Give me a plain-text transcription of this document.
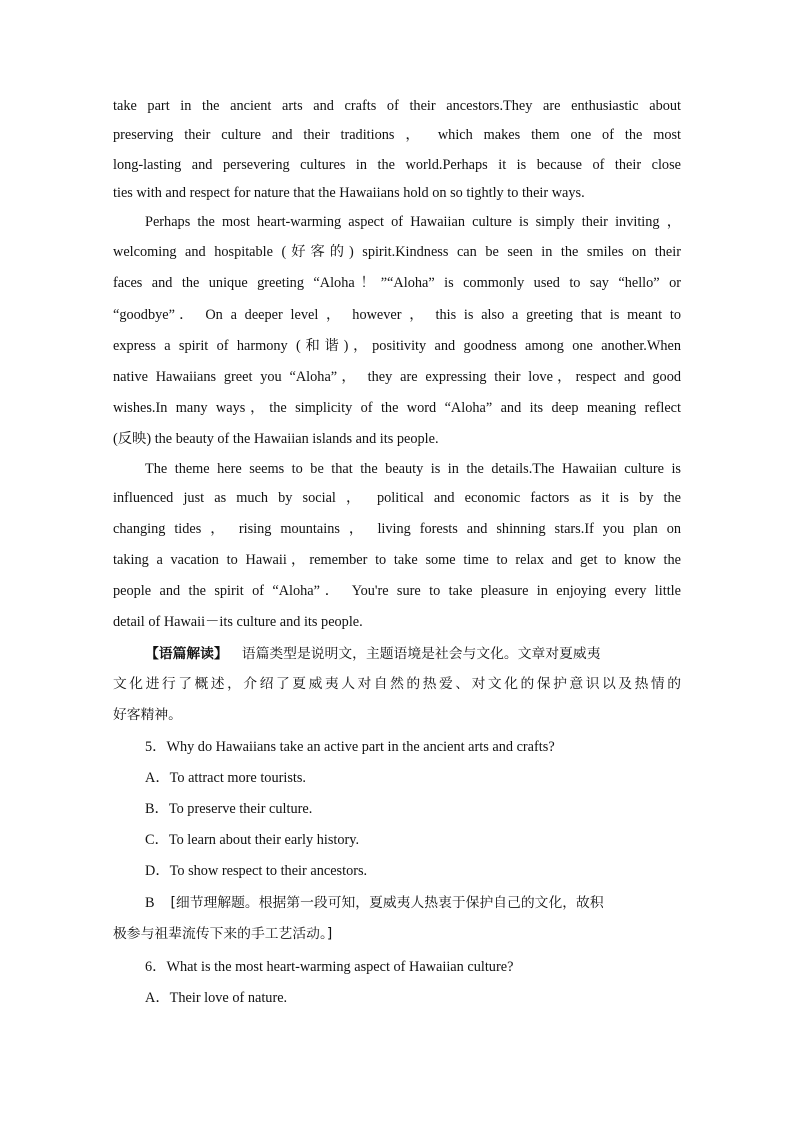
take part in the ancient arts and crafts of their ancestors.They are enthusiastic about
preserving their culture and their traditions ， which makes them one of the most
long-lasting and persevering cultures in the world.Perhaps it is because of their close
ties with and respect for nature that the Hawaiians hold on so tightly to their ways.
Perhaps the most heart-warming aspect of Hawaiian culture is simply their inviting ，
welcoming and hospitable (好客的) spirit.Kindness can be seen in the smiles on their
faces and the unique greeting “Aloha！”“Aloha” is commonly used to say “hello” or
“goodbye”． On a deeper level ， however ， this is also a greeting that is meant to
express a spirit of harmony (和谐)，positivity and goodness among one another.When
native Hawaiians greet you “Aloha”， they are expressing their love，respect and good
wishes.In many ways，the simplicity of the word “Aloha” and its deep meaning reflect
(反映) the beauty of the Hawaiian islands and its people.
The theme here seems to be that the beauty is in the details.The Hawaiian culture is
influenced just as much by social ， political and economic factors as it is by the
changing tides ， rising mountains ， living forests and shinning stars.If you plan on
taking a vacation to Hawaii，remember to take some time to relax and get to know the
people and the spirit of “Aloha”． You're sure to take pleasure in enjoying every little
detail of Hawaii－its culture and its people.
【语篇解读】 语篇类型是说明文，主题语境是社会与文化。文章对夏威夷
文化进行了概述，介绍了夏威夷人对自然的热爱、对文化的保护意识以及热情的
好客精神。
5．Why do Hawaiians take an active part in the ancient arts and crafts?
A．To attract more tourists.
B．To preserve their culture.
C．To learn about their early history.
D．To show respect to their ancestors.
B [细节理解题。根据第一段可知，夏威夷人热衷于保护自己的文化，故积
极参与祖辈流传下来的手工艺活动。]
6．What is the most heart-warming aspect of Hawaiian culture?
A．Their love of nature.
